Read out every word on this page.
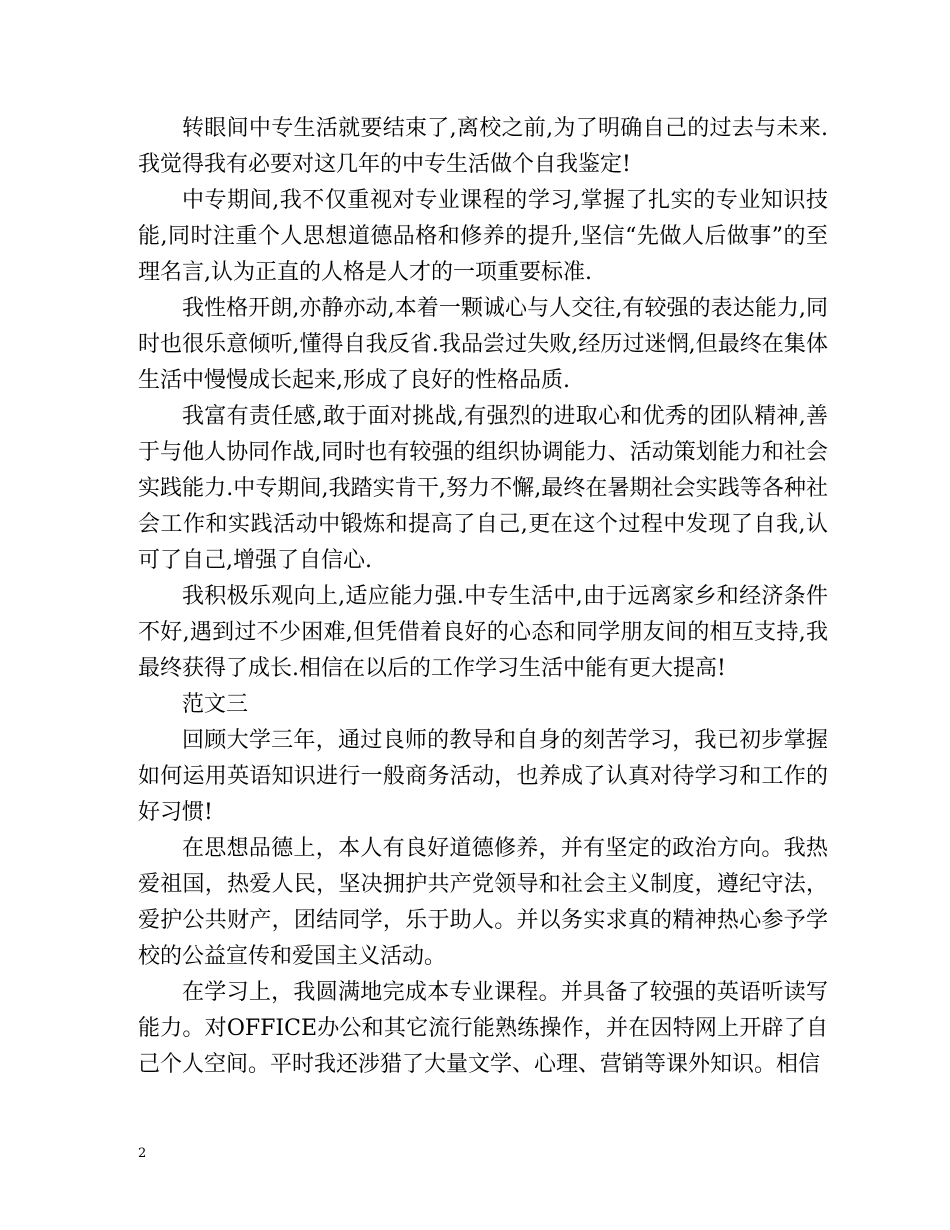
转眼间中专生活就要结束了,离校之前,为了明确自己的过去与未来.我觉得我有必要对这几年的中专生活做个自我鉴定!

中专期间,我不仅重视对专业课程的学习,掌握了扎实的专业知识技能,同时注重个人思想道德品格和修养的提升,坚信“先做人后做事”的至理名言,认为正直的人格是人才的一项重要标准.

我性格开朗,亦静亦动,本着一颗诚心与人交往,有较强的表达能力,同时也很乐意倾听,懂得自我反省.我品尝过失败,经历过迷惘,但最终在集体生活中慢慢成长起来,形成了良好的性格品质.

我富有责任感,敢于面对挑战,有强烈的进取心和优秀的团队精神,善于与他人协同作战,同时也有较强的组织协调能力、活动策划能力和社会实践能力.中专期间,我踏实肯干,努力不懈,最终在暑期社会实践等各种社会工作和实践活动中锻炼和提高了自己,更在这个过程中发现了自我,认可了自己,增强了自信心.

我积极乐观向上,适应能力强.中专生活中,由于远离家乡和经济条件不好,遇到过不少困难,但凭借着良好的心态和同学朋友间的相互支持,我最终获得了成长.相信在以后的工作学习生活中能有更大提高!

范文三

回顾大学三年，通过良师的教导和自身的刻苦学习，我已初步掌握如何运用英语知识进行一般商务活动，也养成了认真对待学习和工作的好习惯!

在思想品德上，本人有良好道德修养，并有坚定的政治方向。我热爱祖国，热爱人民，坚决拥护共产党领导和社会主义制度，遵纪守法，爱护公共财产，团结同学，乐于助人。并以务实求真的精神热心参予学校的公益宣传和爱国主义活动。

在学习上，我圆满地完成本专业课程。并具备了较强的英语听读写能力。对OFFICE办公和其它流行能熟练操作，并在因特网上开辟了自己个人空间。平时我还涉猎了大量文学、心理、营销等课外知识。相信

2
